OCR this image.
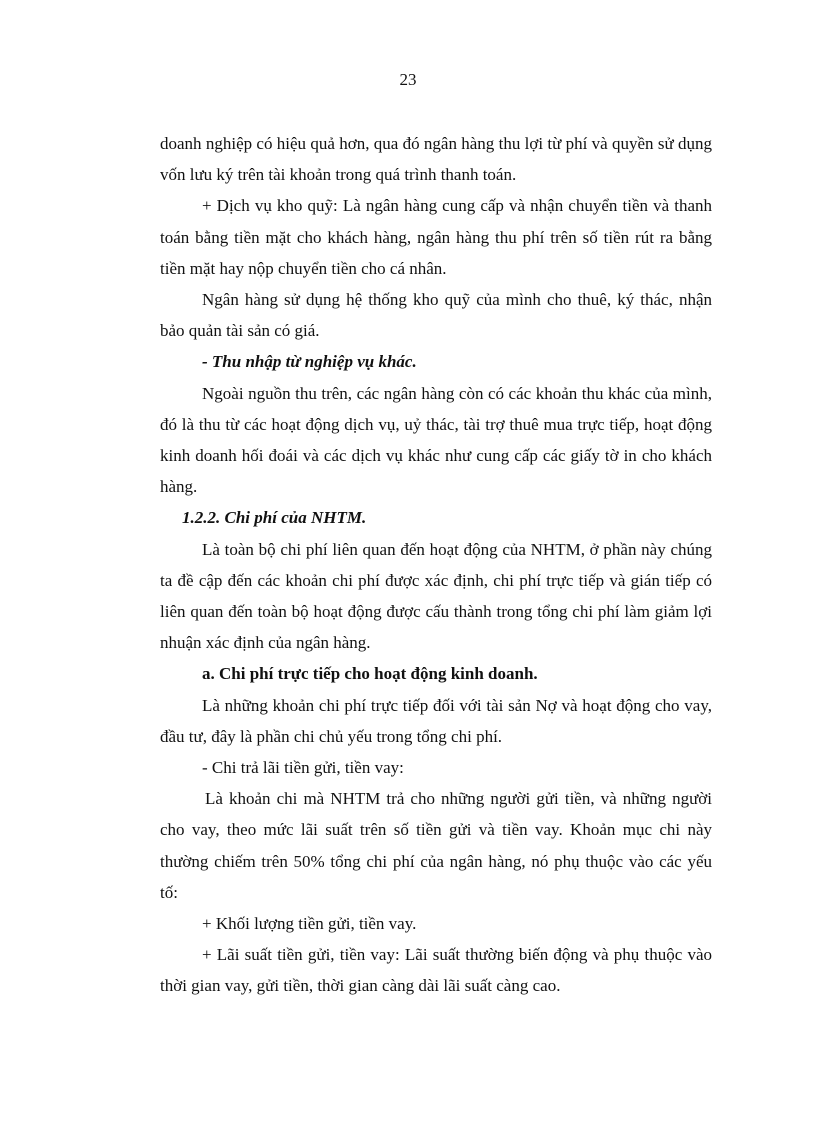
23

doanh nghiệp có hiệu quả hơn, qua đó ngân hàng thu lợi từ phí và quyền sử dụng vốn lưu ký trên tài khoản trong quá trình thanh toán.

+ Dịch vụ kho quỹ: Là ngân hàng cung cấp và nhận chuyển tiền và thanh toán bằng tiền mặt cho khách hàng, ngân hàng thu phí trên số tiền rút ra bằng tiền mặt hay nộp chuyển tiền cho cá nhân.

Ngân hàng sử dụng hệ thống kho quỹ của mình cho thuê, ký thác, nhận bảo quản tài sản có giá.

- Thu nhập từ nghiệp vụ khác.

Ngoài nguồn thu trên, các ngân hàng còn có các khoản thu khác của mình, đó là thu từ các hoạt động dịch vụ, uỷ thác, tài trợ thuê mua trực tiếp, hoạt động kinh doanh hối đoái và các dịch vụ khác như cung cấp các giấy tờ in cho khách hàng.

1.2.2. Chi phí của NHTM.

Là toàn bộ chi phí liên quan đến hoạt động của NHTM, ở phần này chúng ta đề cập đến các khoản chi phí được xác định, chi phí trực tiếp và gián tiếp có liên quan đến toàn bộ hoạt động được cấu thành trong tổng chi phí làm giảm lợi nhuận xác định của ngân hàng.

a. Chi phí trực tiếp cho hoạt động kinh doanh.

Là những khoản chi phí trực tiếp đối với tài sản Nợ và hoạt động cho vay, đầu tư, đây là phần chi chủ yếu trong tổng chi phí.

- Chi trả lãi tiền gửi, tiền vay:

Là khoản chi mà NHTM trả cho những người gửi tiền, và những người cho vay, theo mức lãi suất trên số tiền gửi và tiền vay. Khoản mục chi này thường chiếm trên 50% tổng chi phí của ngân hàng, nó phụ thuộc vào các yếu tố:

+ Khối lượng tiền gửi, tiền vay.

+ Lãi suất tiền gửi, tiền vay: Lãi suất thường biến động và phụ thuộc vào thời gian vay, gửi tiền, thời gian càng dài lãi suất càng cao.
